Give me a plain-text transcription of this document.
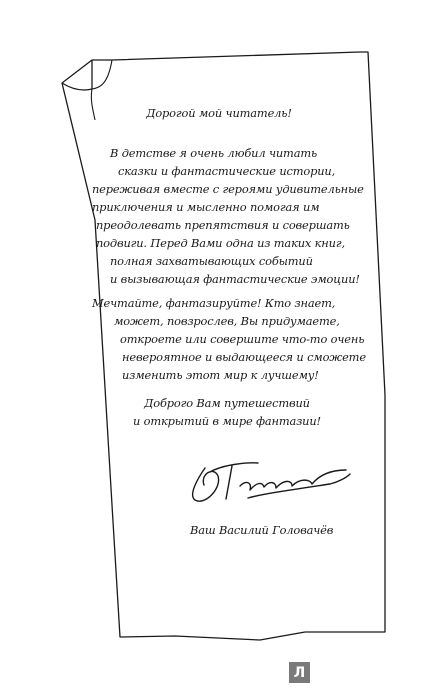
Дорогой мой читатель!
В детстве я очень любил читать
сказки и фантастические истории,
переживая вместе с героями удивительные
приключения и мысленно помогая им
преодолевать препятствия и совершать
подвиги. Перед Вами одна из таких книг,
полная захватывающих событий
и вызывающая фантастические эмоции!
Мечтайте, фантазируйте! Кто знает,
может, повзрослев, Вы придумаете,
откроете или совершите что-то очень
невероятное и выдающееся и сможете
изменить этот мир к лучшему!
Доброго Вам путешествий
и открытий в мире фантазии!
Ваш Василий Головачёв
Л
